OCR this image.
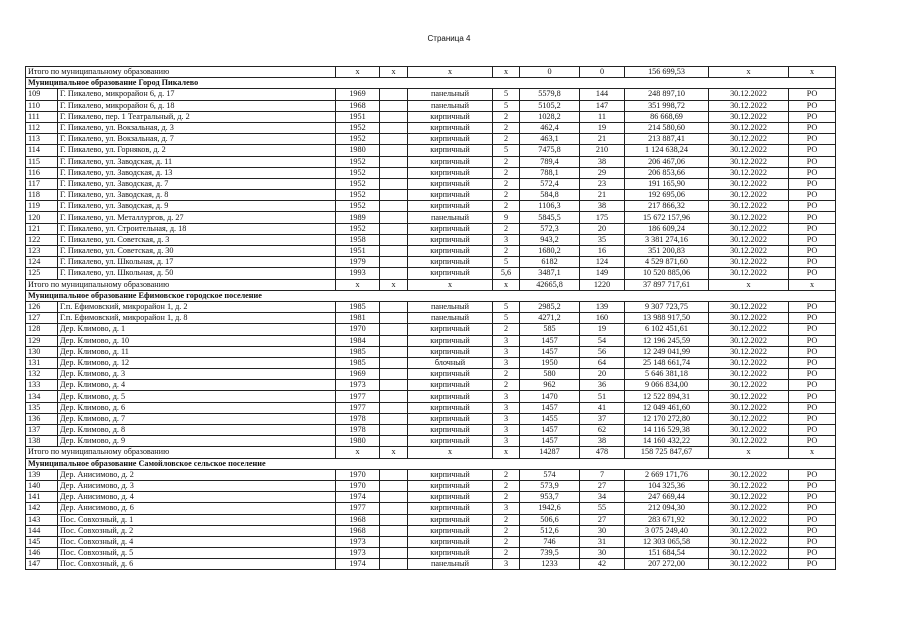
Страница 4
Итого по муниципальному образованию		x	x	x	x	0	0	156 699,53	x	x
Муниципальное образование Город Пикалево										
109	Г. Пикалево, микрорайон 6, д. 17	1969		панельный	5	5579,8	144	248 897,10	30.12.2022	РО
110	Г. Пикалево, микрорайон 6, д. 18	1968		панельный	5	5105,2	147	351 998,72	30.12.2022	РО
111	Г. Пикалево, пер. 1 Театральный, д. 2	1951		кирпичный	2	1028,2	11	86 668,69	30.12.2022	РО
112	Г. Пикалево, ул. Вокзальная, д. 3	1952		кирпичный	2	462,4	19	214 580,60	30.12.2022	РО
113	Г. Пикалево, ул. Вокзальная, д. 7	1952		кирпичный	2	463,1	21	213 887,41	30.12.2022	РО
114	Г. Пикалево, ул. Горняков, д. 2	1980		кирпичный	5	7475,8	210	1 124 638,24	30.12.2022	РО
115	Г. Пикалево, ул. Заводская, д. 11	1952		кирпичный	2	789,4	38	206 467,06	30.12.2022	РО
116	Г. Пикалево, ул. Заводская, д. 13	1952		кирпичный	2	788,1	29	206 853,66	30.12.2022	РО
117	Г. Пикалево, ул. Заводская, д. 7	1952		кирпичный	2	572,4	23	191 165,90	30.12.2022	РО
118	Г. Пикалево, ул. Заводская, д. 8	1952		кирпичный	2	584,8	21	192 695,06	30.12.2022	РО
119	Г. Пикалево, ул. Заводская, д. 9	1952		кирпичный	2	1106,3	38	217 866,32	30.12.2022	РО
120	Г. Пикалево, ул. Металлургов, д. 27	1989		панельный	9	5845,5	175	15 672 157,96	30.12.2022	РО
121	Г. Пикалево, ул. Строительная, д. 18	1952		кирпичный	2	572,3	20	186 609,24	30.12.2022	РО
122	Г. Пикалево, ул. Советская, д. 3	1958		кирпичный	3	943,2	35	3 381 274,16	30.12.2022	РО
123	Г. Пикалево, ул. Советская, д. 30	1951		кирпичный	2	1680,2	16	351 200,83	30.12.2022	РО
124	Г. Пикалево, ул. Школьная, д. 17	1979		кирпичный	5	6182	124	4 529 871,60	30.12.2022	РО
125	Г. Пикалево, ул. Школьная, д. 50	1993		кирпичный	5,6	3487,1	149	10 520 885,06	30.12.2022	РО
Итого по муниципальному образованию		x	x	x	x	42665,8	1220	37 897 717,61	x	x
Муниципальное образование Ефимовское городское поселение										
126	Г.п. Ефимовский, микрорайон 1, д. 2	1985		панельный	5	2985,2	139	9 307 723,75	30.12.2022	РО
127	Г.п. Ефимовский, микрорайон 1, д. 8	1981		панельный	5	4271,2	160	13 988 917,50	30.12.2022	РО
128	Дер. Климово, д. 1	1970		кирпичный	2	585	19	6 102 451,61	30.12.2022	РО
129	Дер. Климово, д. 10	1984		кирпичный	3	1457	54	12 196 245,59	30.12.2022	РО
130	Дер. Климово, д. 11	1985		кирпичный	3	1457	56	12 249 041,99	30.12.2022	РО
131	Дер. Климово, д. 12	1985		блочный	3	1950	64	25 148 661,74	30.12.2022	РО
132	Дер. Климово, д. 3	1969		кирпичный	2	580	20	5 646 381,18	30.12.2022	РО
133	Дер. Климово, д. 4	1973		кирпичный	2	962	36	9 066 834,00	30.12.2022	РО
134	Дер. Климово, д. 5	1977		кирпичный	3	1470	51	12 522 894,31	30.12.2022	РО
135	Дер. Климово, д. 6	1977		кирпичный	3	1457	41	12 049 461,60	30.12.2022	РО
136	Дер. Климово, д. 7	1978		кирпичный	3	1455	37	12 170 272,80	30.12.2022	РО
137	Дер. Климово, д. 8	1978		кирпичный	3	1457	62	14 116 529,38	30.12.2022	РО
138	Дер. Климово, д. 9	1980		кирпичный	3	1457	38	14 160 432,22	30.12.2022	РО
Итого по муниципальному образованию		x	x	x	x	14287	478	158 725 847,67	x	x
Муниципальное образование Самойловское сельское поселение										
139	Дер. Анисимово, д. 2	1970		кирпичный	2	574	7	2 669 171,76	30.12.2022	РО
140	Дер. Анисимово, д. 3	1970		кирпичный	2	573,9	27	104 325,36	30.12.2022	РО
141	Дер. Анисимово, д. 4	1974		кирпичный	2	953,7	34	247 669,44	30.12.2022	РО
142	Дер. Анисимово, д. 6	1977		кирпичный	3	1942,6	55	212 094,30	30.12.2022	РО
143	Пос. Совхозный, д. 1	1968		кирпичный	2	506,6	27	283 671,92	30.12.2022	РО
144	Пос. Совхозный, д. 2	1968		кирпичный	2	512,6	30	3 075 249,40	30.12.2022	РО
145	Пос. Совхозный, д. 4	1973		кирпичный	2	746	31	12 303 065,58	30.12.2022	РО
146	Пос. Совхозный, д. 5	1973		кирпичный	2	739,5	30	151 684,54	30.12.2022	РО
147	Пос. Совхозный, д. 6	1974		панельный	3	1233	42	207 272,00	30.12.2022	РО
